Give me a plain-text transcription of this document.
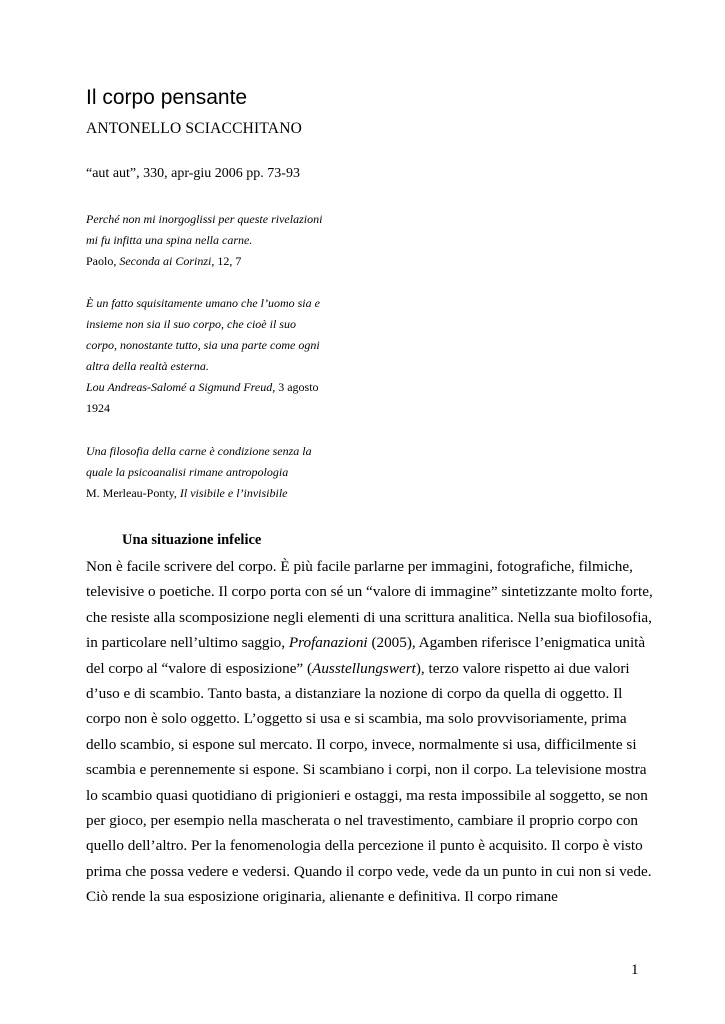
Il corpo pensante
ANTONELLO SCIACCHITANO
“aut aut”, 330, apr-giu 2006 pp. 73-93
Perché non mi inorgoglissi per queste rivelazioni
mi fu infitta una spina nella carne.
Paolo, Seconda ai Corinzi, 12, 7
È un fatto squisitamente umano che l’uomo sia e
insieme non sia il suo corpo, che cioè il suo
corpo, nonostante tutto, sia una parte come ogni
altra della realtà esterna.
Lou Andreas-Salomé a Sigmund Freud, 3 agosto
1924
Una filosofia della carne è condizione senza la
quale la psicoanalisi rimane antropologia
M. Merleau-Ponty, Il visibile e l’invisibile
Una situazione infelice
Non è facile scrivere del corpo. È più facile parlarne per immagini, fotografiche, filmiche,
televisive o poetiche. Il corpo porta con sé un “valore di immagine” sintetizzante molto forte,
che resiste alla scomposizione negli elementi di una scrittura analitica. Nella sua biofilosofia,
in particolare nell’ultimo saggio, Profanazioni (2005), Agamben riferisce l’enigmatica unità
del corpo al “valore di esposizione” (Ausstellungswert), terzo valore rispetto ai due valori
d’uso e di scambio. Tanto basta, a distanziare la nozione di corpo da quella di oggetto. Il
corpo non è solo oggetto. L’oggetto si usa e si scambia, ma solo provvisoriamente, prima
dello scambio, si espone sul mercato. Il corpo, invece, normalmente si usa, difficilmente si
scambia e perennemente si espone. Si scambiano i corpi, non il corpo. La televisione mostra
lo scambio quasi quotidiano di prigionieri e ostaggi, ma resta impossibile al soggetto, se non
per gioco, per esempio nella mascherata o nel travestimento, cambiare il proprio corpo con
quello dell’altro. Per la fenomenologia della percezione il punto è acquisito. Il corpo è visto
prima che possa vedere e vedersi. Quando il corpo vede, vede da un punto in cui non si vede.
Ciò rende la sua esposizione originaria, alienante e definitiva. Il corpo rimane
1
